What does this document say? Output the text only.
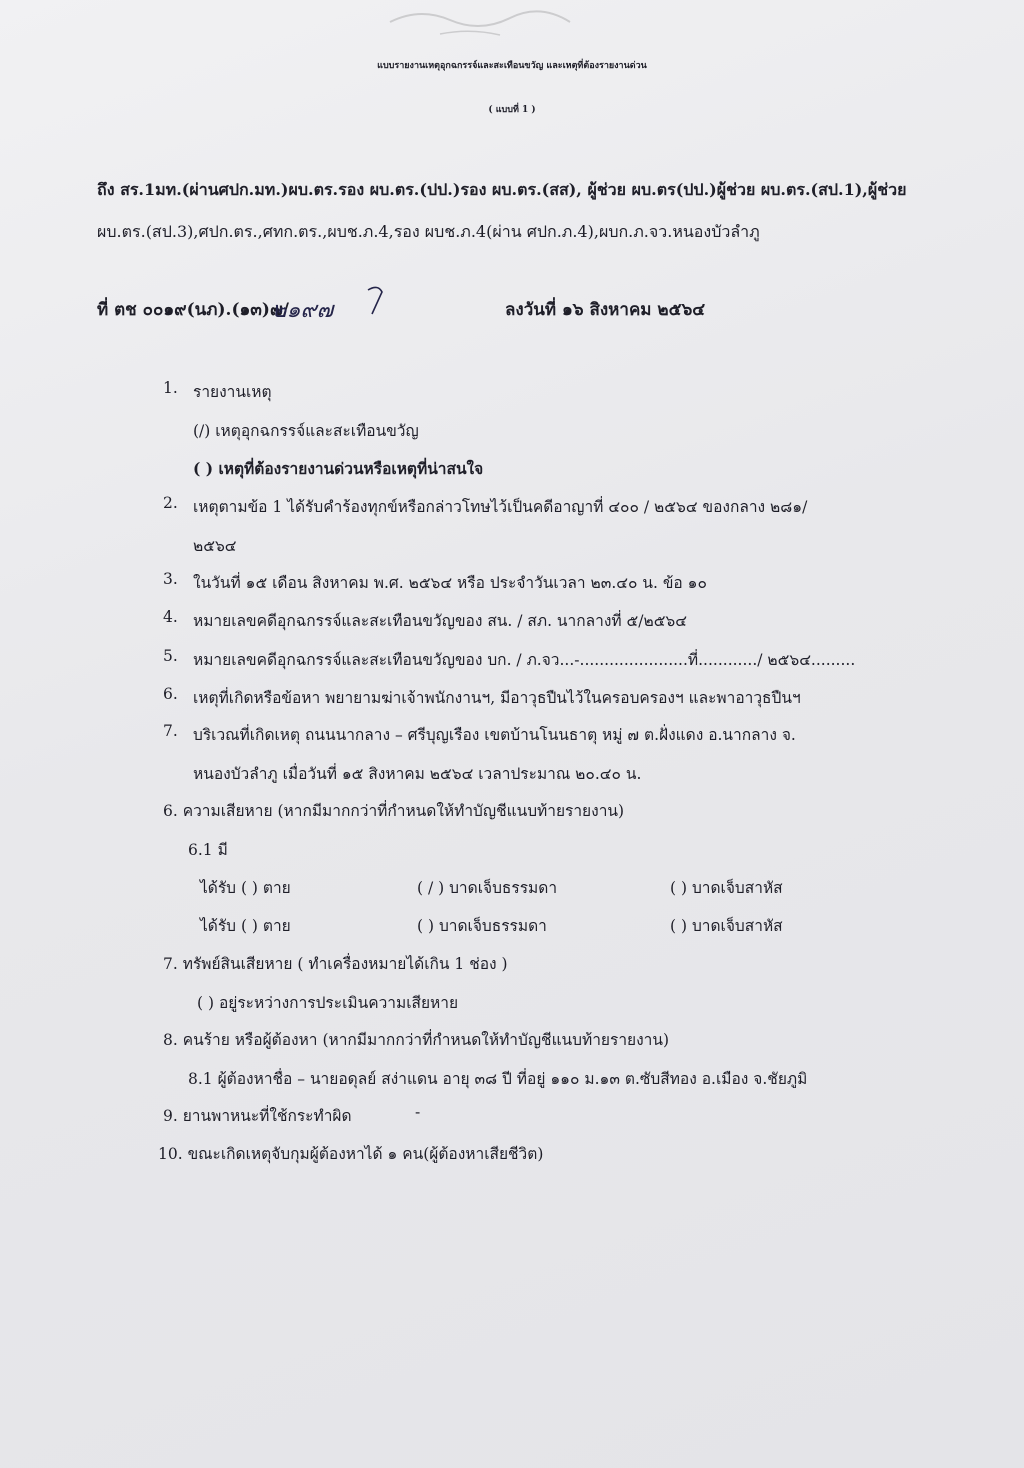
แบบรายงานเหตุอุกฉกรรจ์และสะเทือนขวัญ และเหตุที่ต้องรายงานด่วน
( แบบที่ 1 )
ถึง สร.1มท.(ผ่านศปก.มท.)ผบ.ตร.รอง ผบ.ตร.(ปป.)รอง ผบ.ตร.(สส), ผู้ช่วย ผบ.ตร(ปป.)ผู้ช่วย ผบ.ตร.(สป.1),ผู้ช่วย
ผบ.ตร.(สป.3),ศปก.ตร.,ศทก.ตร.,ผบช.ภ.4,รอง ผบช.ภ.4(ผ่าน ศปก.ภ.4),ผบก.ภ.จว.หนองบัวลำภู
ที่ ตช ๐๐๑๙(นภ).(๑๓)๗/
๒๑๙๗	ลงวันที่ ๑๖ สิงหาคม ๒๕๖๔
1. รายงานเหตุ
(/) เหตุอุกฉกรรจ์และสะเทือนขวัญ
( ) เหตุที่ต้องรายงานด่วนหรือเหตุที่น่าสนใจ
2. เหตุตามข้อ 1 ได้รับคำร้องทุกข์หรือกล่าวโทษไว้เป็นคดีอาญาที่ ๔๐๐ / ๒๕๖๔ ของกลาง ๒๘๑/
๒๕๖๔
3. ในวันที่ ๑๕ เดือน สิงหาคม พ.ศ. ๒๕๖๔ หรือ ประจำวันเวลา ๒๓.๔๐ น. ข้อ ๑๐
4. หมายเลขคดีอุกฉกรรจ์และสะเทือนขวัญของ สน. / สภ. นากลางที่ ๕/๒๕๖๔
5. หมายเลขคดีอุกฉกรรจ์และสะเทือนขวัญของ บก. / ภ.จว...-......................ที่............/ ๒๕๖๔.........
6. เหตุที่เกิดหรือข้อหา พยายามฆ่าเจ้าพนักงานฯ, มีอาวุธปืนไว้ในครอบครองฯ และพาอาวุธปืนฯ
7. บริเวณที่เกิดเหตุ ถนนนากลาง – ศรีบุญเรือง เขตบ้านโนนธาตุ หมู่ ๗ ต.ฝั่งแดง อ.นากลาง จ.
หนองบัวลำภู เมื่อวันที่ ๑๕ สิงหาคม ๒๕๖๔ เวลาประมาณ ๒๐.๔๐ น.
6. ความเสียหาย (หากมีมากกว่าที่กำหนดให้ทำบัญชีแนบท้ายรายงาน)
6.1 มี
ได้รับ ( ) ตาย	( / ) บาดเจ็บธรรมดา	( ) บาดเจ็บสาหัส
ได้รับ ( ) ตาย	( ) บาดเจ็บธรรมดา	( ) บาดเจ็บสาหัส
7. ทรัพย์สินเสียหาย ( ทำเครื่องหมายได้เกิน 1 ช่อง )
( ) อยู่ระหว่างการประเมินความเสียหาย
8. คนร้าย หรือผู้ต้องหา (หากมีมากกว่าที่กำหนดให้ทำบัญชีแนบท้ายรายงาน)
8.1 ผู้ต้องหาชื่อ – นายอดุลย์ สง่าแดน อายุ ๓๘ ปี ที่อยู่ ๑๑๐ ม.๑๓ ต.ซับสีทอง อ.เมือง จ.ชัยภูมิ
9. ยานพาหนะที่ใช้กระทำผิด	-
10. ขณะเกิดเหตุจับกุมผู้ต้องหาได้ ๑ คน(ผู้ต้องหาเสียชีวิต)
